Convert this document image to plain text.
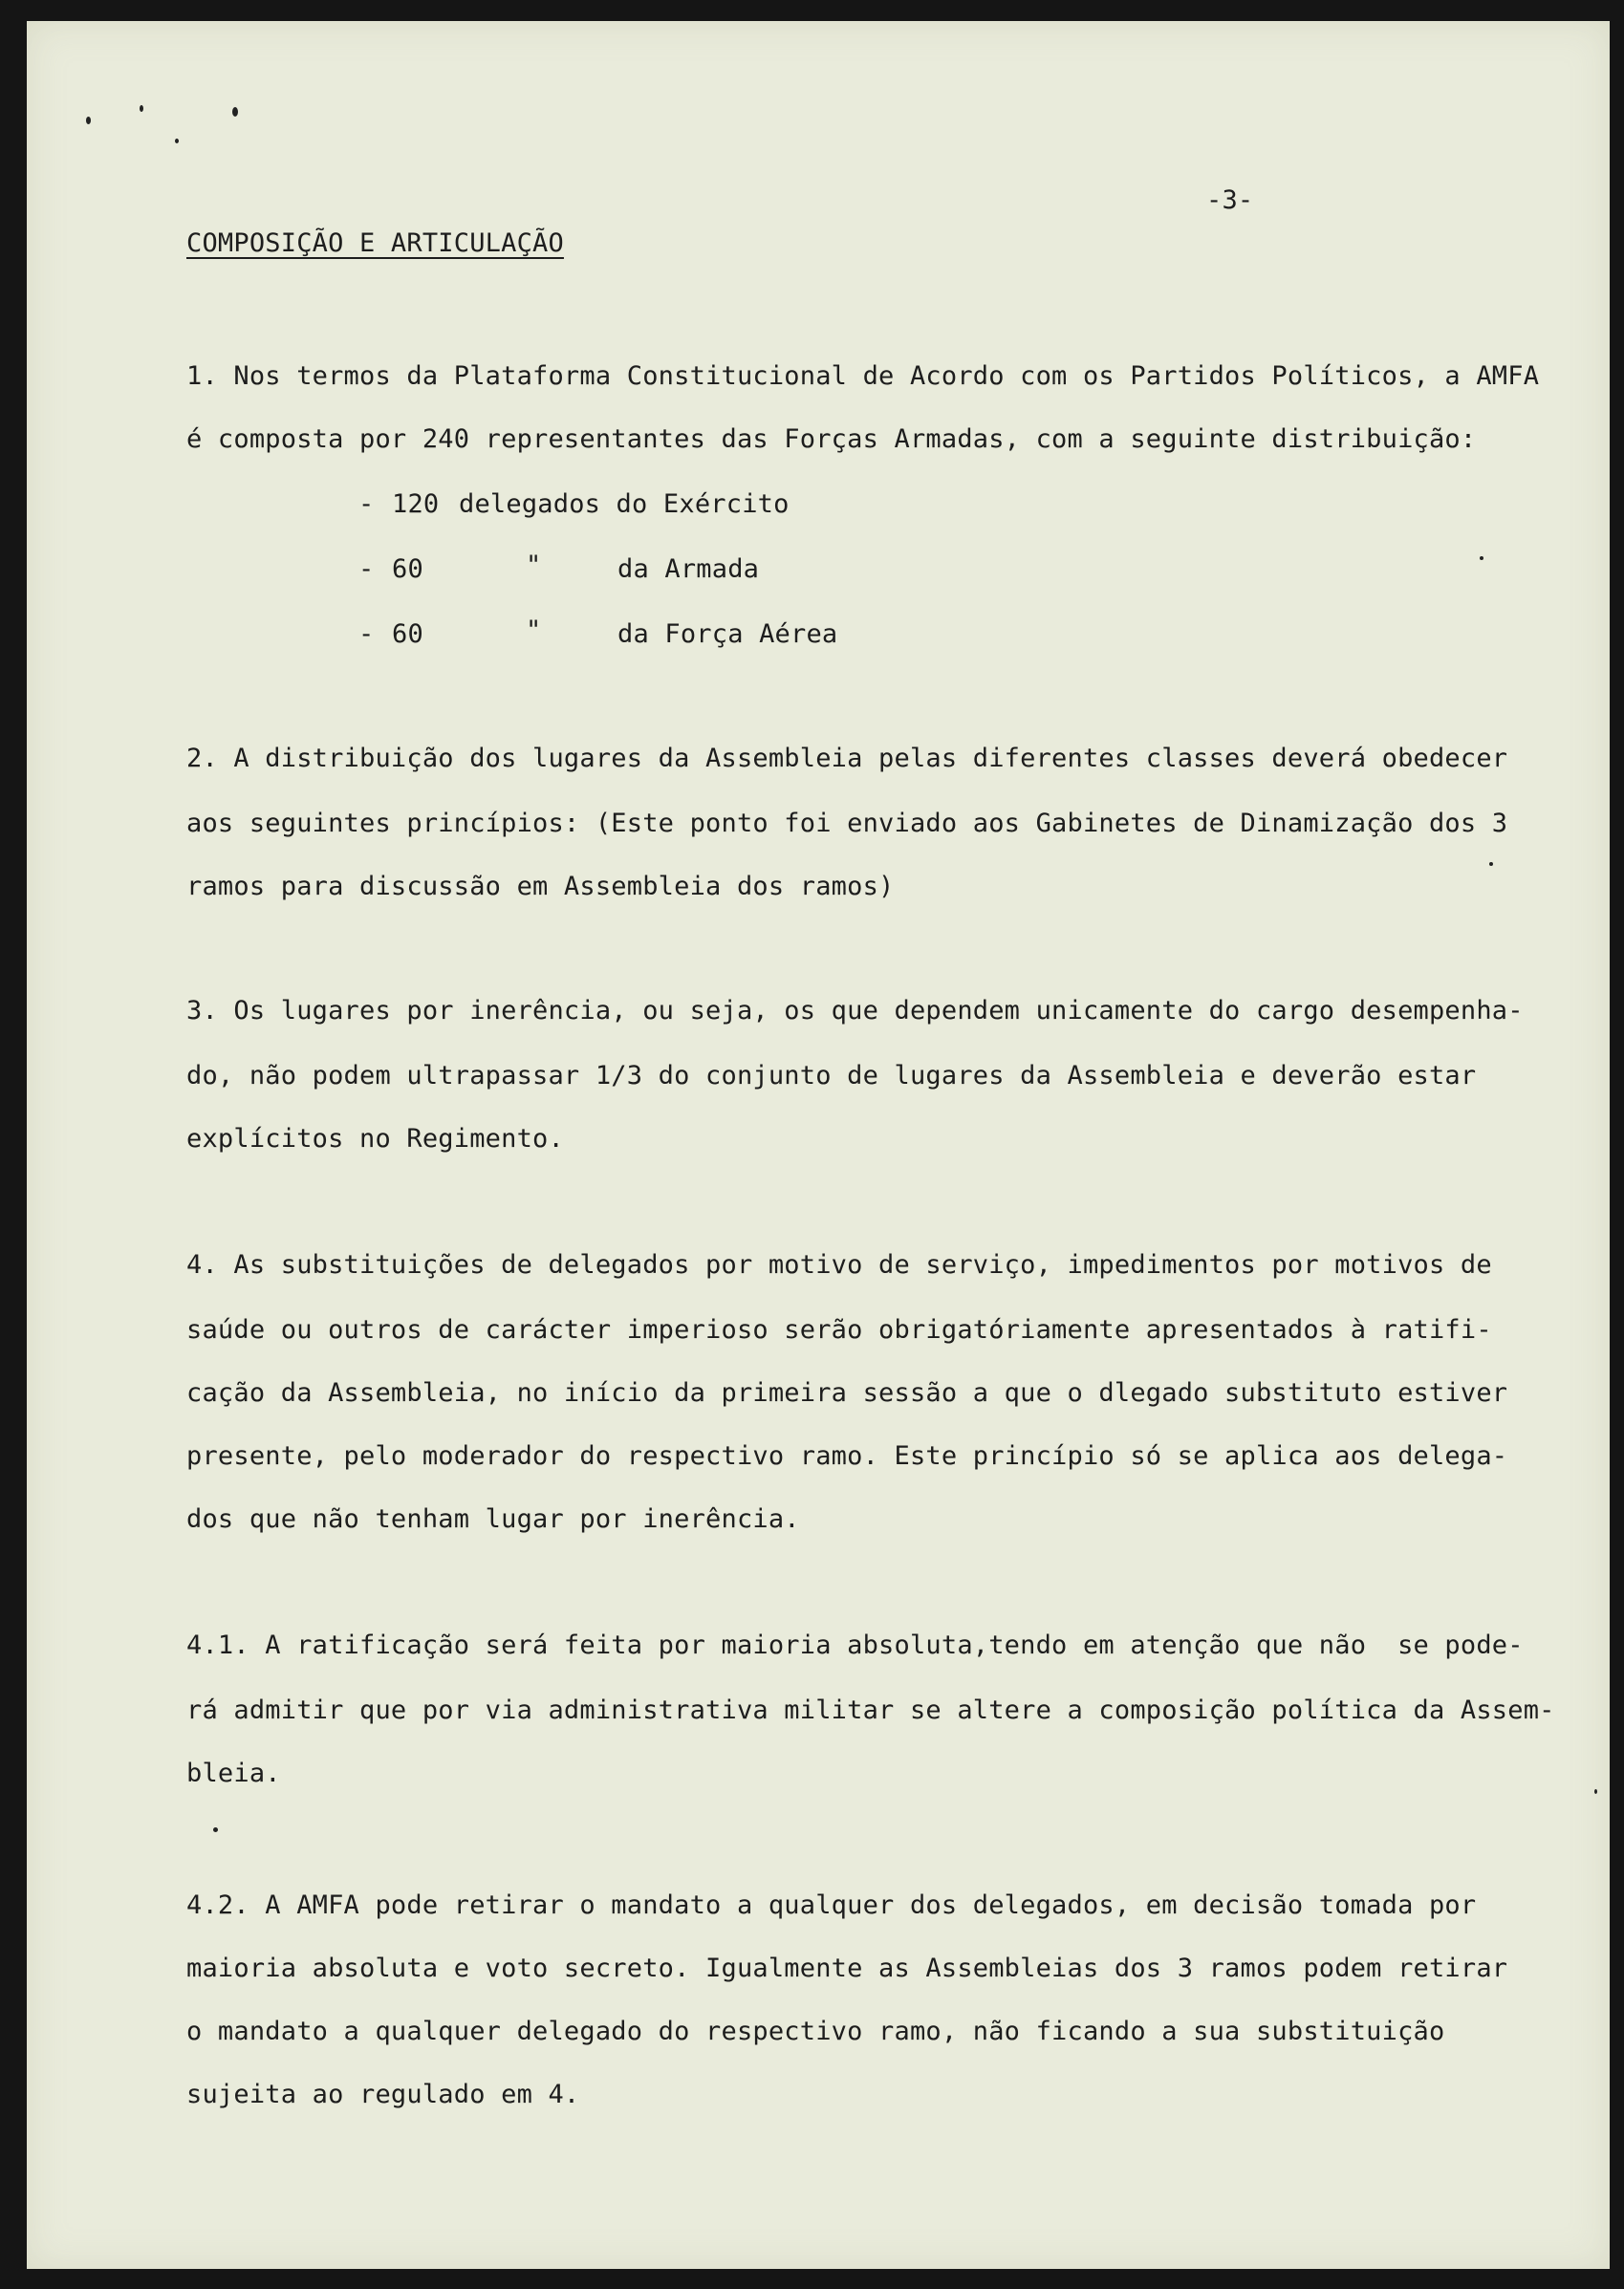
-3-
COMPOSIÇÃO E ARTICULAÇÃO
1. Nos termos da Plataforma Constitucional de Acordo com os Partidos Políticos, a AMFA
é composta por 240 representantes das Forças Armadas, com a seguinte distribuição:
- 120 delegados do Exército
- 60	"	da Armada
- 60	"	da Força Aérea
2. A distribuição dos lugares da Assembleia pelas diferentes classes deverá obedecer
aos seguintes princípios: (Este ponto foi enviado aos Gabinetes de Dinamização dos 3
ramos para discussão em Assembleia dos ramos)
3. Os lugares por inerência, ou seja, os que dependem unicamente do cargo desempenha-
do, não podem ultrapassar 1/3 do conjunto de lugares da Assembleia e deverão estar
explícitos no Regimento.
4. As substituições de delegados por motivo de serviço, impedimentos por motivos de
saúde ou outros de carácter imperioso serão obrigatóriamente apresentados à ratifi-
cação da Assembleia, no início da primeira sessão a que o dlegado substituto estiver
presente, pelo moderador do respectivo ramo. Este princípio só se aplica aos delega-
dos que não tenham lugar por inerência.
4.1. A ratificação será feita por maioria absoluta,tendo em atenção que não  se pode-
rá admitir que por via administrativa militar se altere a composição política da Assem-
bleia.
4.2. A AMFA pode retirar o mandato a qualquer dos delegados, em decisão tomada por
maioria absoluta e voto secreto. Igualmente as Assembleias dos 3 ramos podem retirar
o mandato a qualquer delegado do respectivo ramo, não ficando a sua substituição
sujeita ao regulado em 4.
